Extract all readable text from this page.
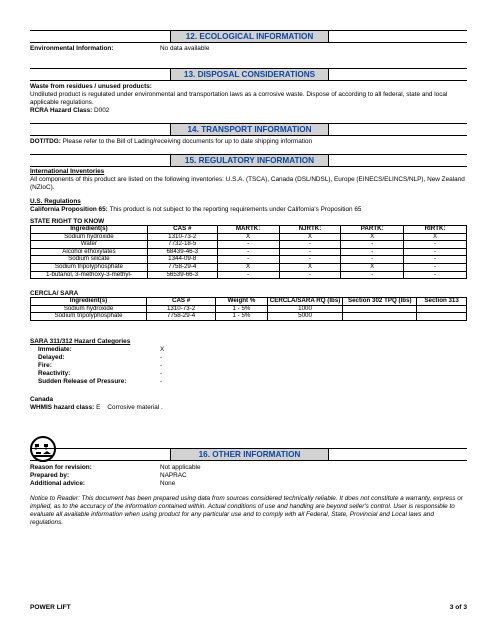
12. ECOLOGICAL INFORMATION
Environmental Information:	No data available
13. DISPOSAL CONSIDERATIONS
Waste from residues / unused products:
Undiluted product is regulated under environmental and transportation laws as a corrosive waste. Dispose of according to all federal, state and local applicable regulations.
RCRA Hazard Class: D002
14. TRANSPORT INFORMATION
DOT/TDG: Please refer to the Bill of Lading/receiving documents for up to date shipping information
15. REGULATORY INFORMATION
International Inventories
All components of this product are listed on the following inventories: U.S.A. (TSCA), Canada (DSL/NDSL), Europe (EINECS/ELINCS/NLP), New Zealand (NZIoC).
U.S. Regulations
California Proposition 65: This product is not subject to the reporting requirements under California's Proposition 65
STATE RIGHT TO KNOW
Ingredient(s)	CAS #	MARTK:	NJRTK:	PARTK:	RIRTK:
Sodium hydroxide	1310-73-2	X	X	X	X
Water	7732-18-5	-	-	-	-
Alcohol ethoxylates	68439-46-3	-	-	-	-
Sodium silicate	1344-09-8	-	-	-	-
Sodium tripolyphosphate	7758-29-4	X	X	X	-
1-butanol, 3-methoxy-3-methyl-	56539-66-3	-	-	-	-
CERCLA/ SARA
Ingredient(s)	CAS #	Weight %	CERCLA/SARA RQ (lbs)	Section 302 TPQ (lbs)	Section 313
Sodium hydroxide	1310-73-2	1 - 5%	1000		
Sodium tripolyphosphate	7758-29-4	1 - 5%	5000		
SARA 311/312 Hazard Categories
Immediate:	X
Delayed:	-
Fire:	-
Reactivity:	-
Sudden Release of Pressure:	-
Canada
WHMIS hazard class: E    Corrosive material .
16. OTHER INFORMATION
Reason for revision:	Not applicable
Prepared by:	NAPRAC
Additional advice:	None
Notice to Reader: This document has been prepared using data from sources considered technically reliable. It does not constitute a warranty, express or implied, as to the accuracy of the information contained within. Actual conditions of use and handling are beyond seller's control. User is responsible to evaluate all available information when using product for any particular use and to comply with all Federal, State, Provincial and Local laws and regulations.
POWER LIFT	3 of 3
